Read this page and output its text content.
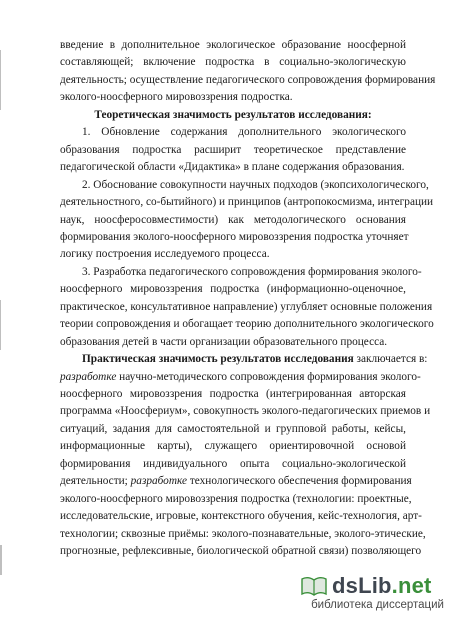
введение в дополнительное экологическое образование ноосферной
составляющей; включение подростка в социально-экологическую
деятельность; осуществление педагогического сопровождения формирования
эколого-ноосферного мировоззрения подростка.
Теоретическая значимость результатов исследования:
1. Обновление содержания дополнительного экологического
образования подростка расширит теоретическое представление
педагогической области «Дидактика» в плане содержания образования.
2. Обоснование совокупности научных подходов (экопсихологического,
деятельностного, со-бытийного) и принципов (антропокосмизма, интеграции
наук, ноосферосовместимости) как методологического основания
формирования эколого-ноосферного мировоззрения подростка уточняет
логику построения исследуемого процесса.
3. Разработка педагогического сопровождения формирования эколого-
ноосферного мировоззрения подростка (информационно-оценочное,
практическое, консультативное направление) углубляет основные положения
теории сопровождения и обогащает теорию дополнительного экологического
образования детей в части организации образовательного процесса.
Практическая значимость результатов исследования заключается в:
разработке научно-методического сопровождения формирования эколого-
ноосферного мировоззрения подростка (интегрированная авторская
программа «Ноосфериум», совокупность эколого-педагогических приемов и
ситуаций, задания для самостоятельной и групповой работы, кейсы,
информационные карты), служащего ориентировочной основой
формирования индивидуального опыта социально-экологической
деятельности; разработке технологического обеспечения формирования
эколого-ноосферного мировоззрения подростка (технологии: проектные,
исследовательские, игровые, контекстного обучения, кейс-технология, арт-
технологии; сквозные приёмы: эколого-познавательные, эколого-этические,
прогнозные, рефлексивные, биологической обратной связи) позволяющего
dsLib.net
библиотека диссертаций
